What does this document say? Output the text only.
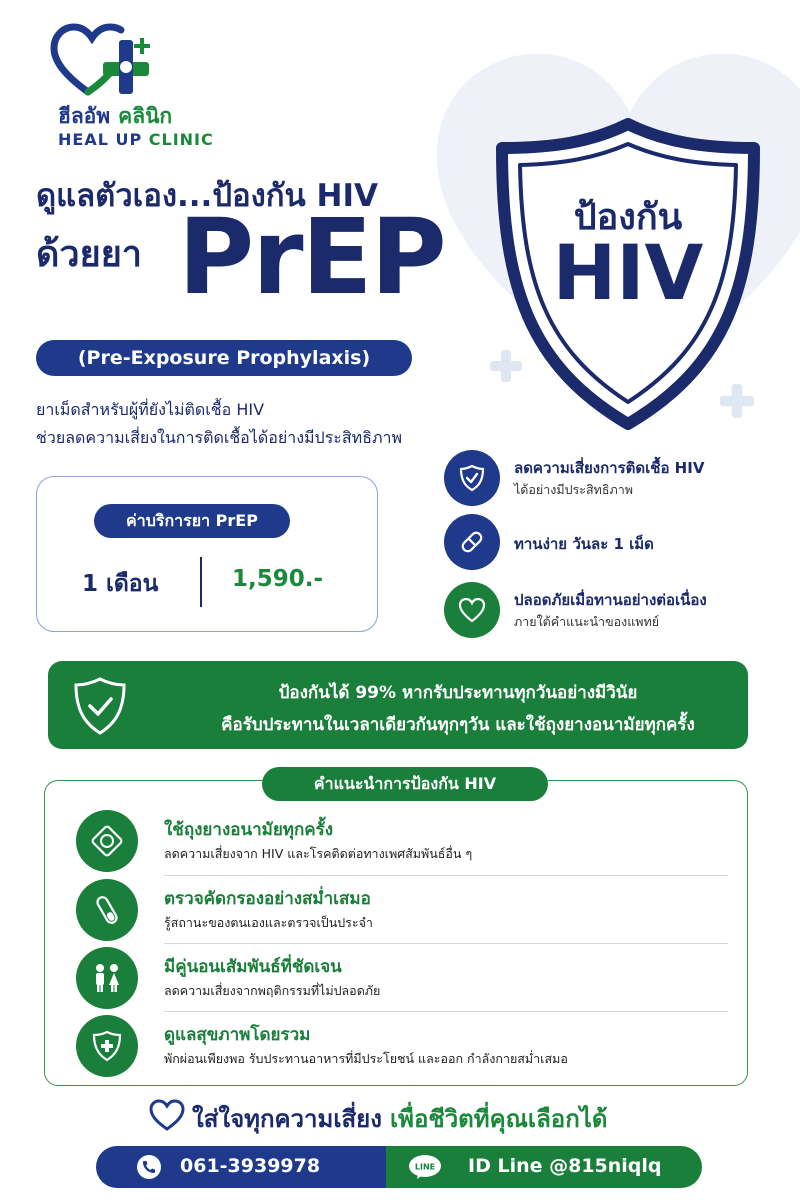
ฮีลอัพ คลินิก
HEAL UP CLINIC
ดูแลตัวเอง...ป้องกัน HIV
ด้วยยา PrEP
(Pre-Exposure Prophylaxis)
ยาเม็ดสำหรับผู้ที่ยังไม่ติดเชื้อ HIV
ช่วยลดความเสี่ยงในการติดเชื้อได้อย่างมีประสิทธิภาพ
ป้องกัน
HIV
ค่าบริการยา PrEP
1 เดือน	1,590.-
ลดความเสี่ยงการติดเชื้อ HIV
ได้อย่างมีประสิทธิภาพ
ทานง่าย วันละ 1 เม็ด
ปลอดภัยเมื่อทานอย่างต่อเนื่อง
ภายใต้คำแนะนำของแพทย์
ป้องกันได้ 99% หากรับประทานทุกวันอย่างมีวินัย
คือรับประทานในเวลาเดียวกันทุกๆวัน และใช้ถุงยางอนามัยทุกครั้ง
คำแนะนำการป้องกัน HIV
ใช้ถุงยางอนามัยทุกครั้ง
ลดความเสี่ยงจาก HIV และโรคติดต่อทางเพศสัมพันธ์อื่น ๆ
ตรวจคัดกรองอย่างสม่ำเสมอ
รู้สถานะของตนเองและตรวจเป็นประจำ
มีคู่นอนเสัมพันธ์ที่ชัดเจน
ลดความเสี่ยงจากพฤติกรรมที่ไม่ปลอดภัย
ดูแลสุขภาพโดยรวม
พักผ่อนเพียงพอ รับประทานอาหารที่มีประโยชน์ และออก กำลังกายสม่ำเสมอ
ใส่ใจทุกความเสี่ยง เพื่อชีวิตที่คุณเลือกได้
061-3939978	LINE ID Line @815niqlq
